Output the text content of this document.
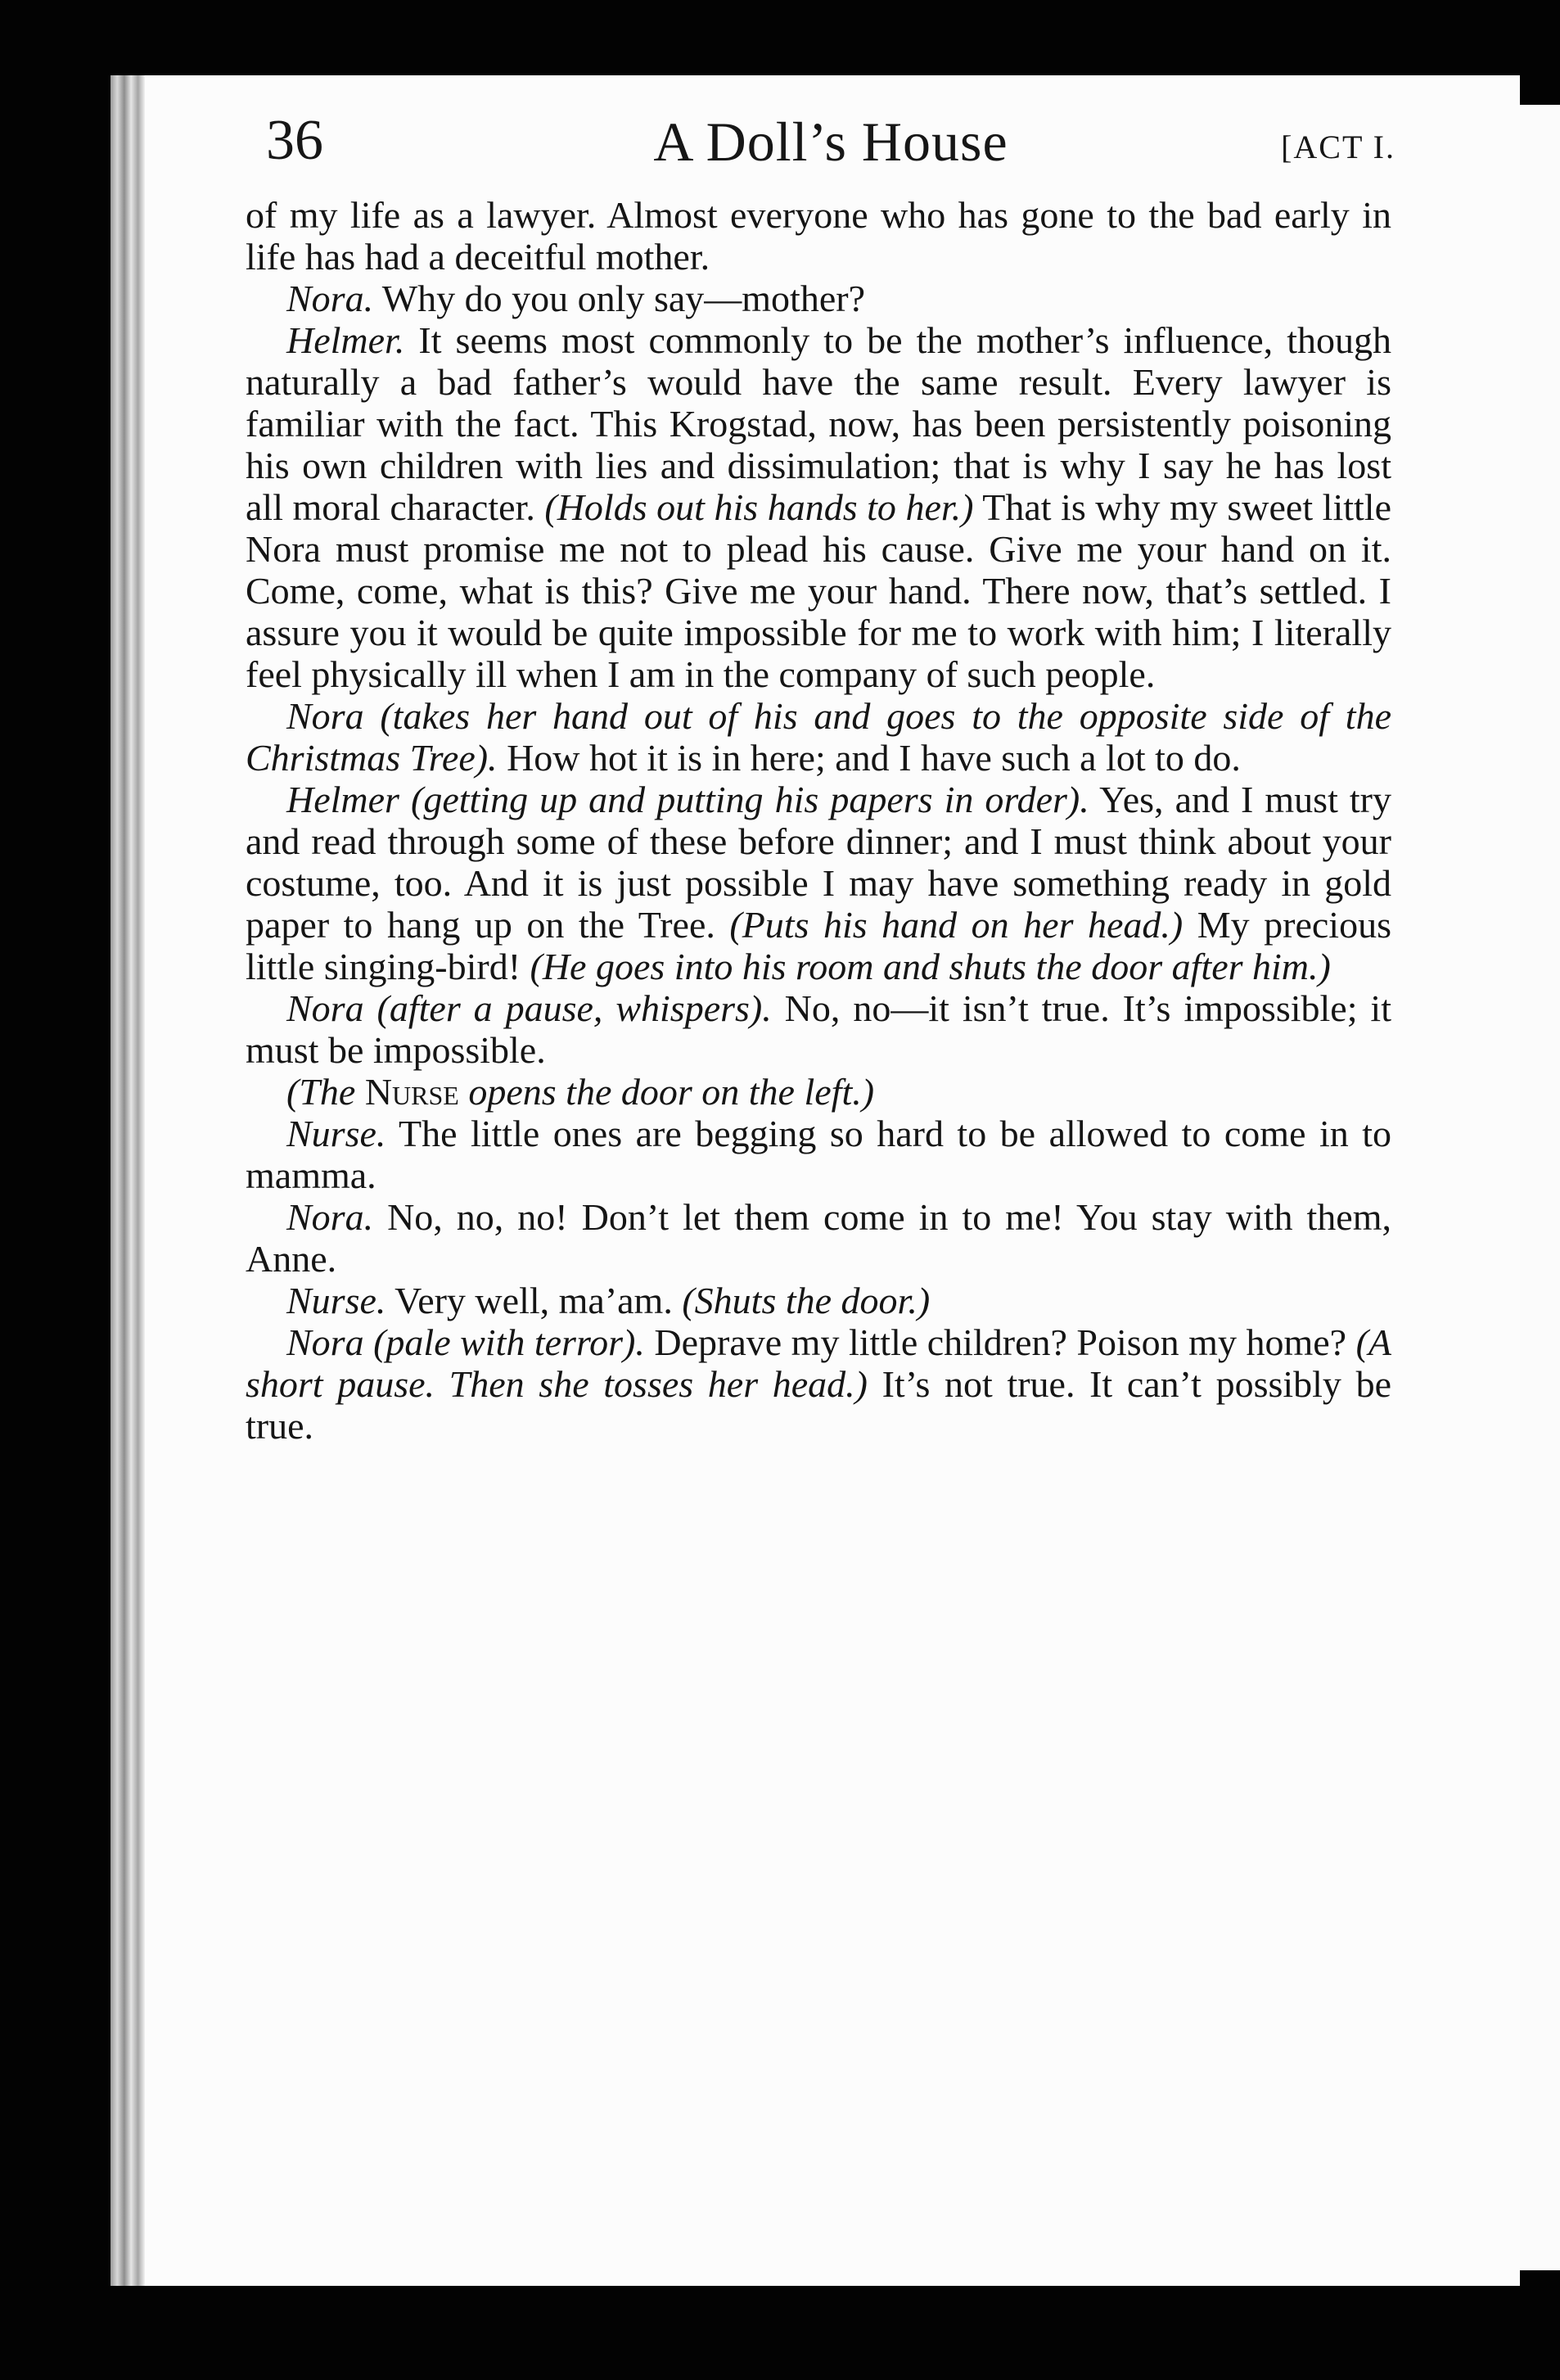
36	A Doll’s House	[ACT I.

of my life as a lawyer. Almost everyone who has gone to the bad early in life has had a deceitful mother.

Nora. Why do you only say—mother?

Helmer. It seems most commonly to be the mother’s influence, though naturally a bad father’s would have the same result. Every lawyer is familiar with the fact. This Krogstad, now, has been persistently poisoning his own children with lies and dissimulation; that is why I say he has lost all moral character. (Holds out his hands to her.) That is why my sweet little Nora must promise me not to plead his cause. Give me your hand on it. Come, come, what is this? Give me your hand. There now, that’s settled. I assure you it would be quite impossible for me to work with him; I literally feel physically ill when I am in the company of such people.

Nora (takes her hand out of his and goes to the opposite side of the Christmas Tree). How hot it is in here; and I have such a lot to do.

Helmer (getting up and putting his papers in order). Yes, and I must try and read through some of these before dinner; and I must think about your costume, too. And it is just possible I may have something ready in gold paper to hang up on the Tree. (Puts his hand on her head.) My precious little singing-bird! (He goes into his room and shuts the door after him.)

Nora (after a pause, whispers). No, no—it isn’t true. It’s impossible; it must be impossible.

(The Nurse opens the door on the left.)

Nurse. The little ones are begging so hard to be allowed to come in to mamma.

Nora. No, no, no! Don’t let them come in to me! You stay with them, Anne.

Nurse. Very well, ma’am. (Shuts the door.)

Nora (pale with terror). Deprave my little children? Poison my home? (A short pause. Then she tosses her head.) It’s not true. It can’t possibly be true.
